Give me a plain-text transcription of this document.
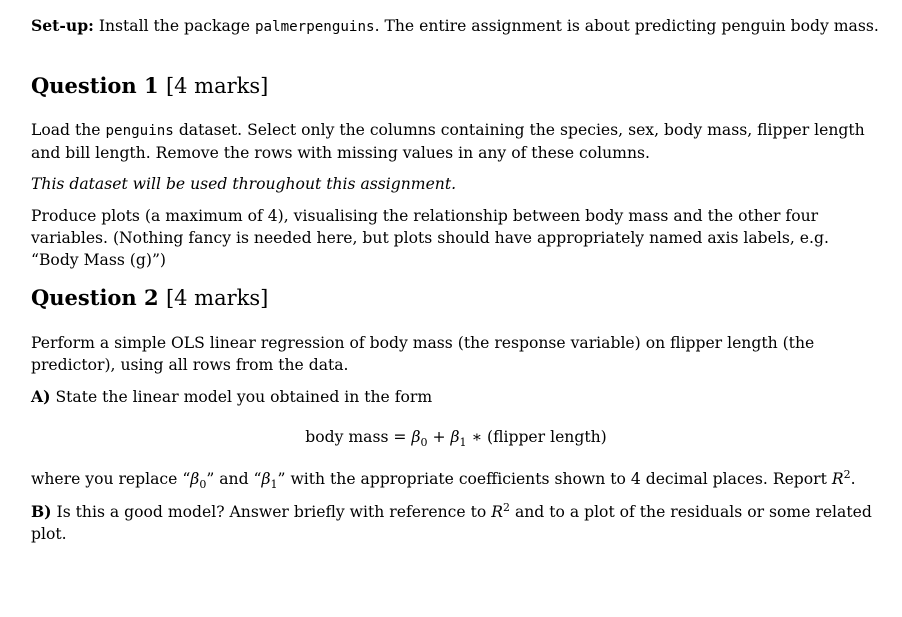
Set-up: Install the package palmerpenguins. The entire assignment is about predicting penguin body mass.

Question 1 [4 marks]

Load the penguins dataset. Select only the columns containing the species, sex, body mass, flipper length and bill length. Remove the rows with missing values in any of these columns.

This dataset will be used throughout this assignment.

Produce plots (a maximum of 4), visualising the relationship between body mass and the other four variables. (Nothing fancy is needed here, but plots should have appropriately named axis labels, e.g. “Body Mass (g)”)

Question 2 [4 marks]

Perform a simple OLS linear regression of body mass (the response variable) on flipper length (the predictor), using all rows from the data.

A) State the linear model you obtained in the form

body mass = $\beta_0 + \beta_1$ ∗ (flipper length)

where you replace “$\beta_0$” and “$\beta_1$” with the appropriate coefficients shown to 4 decimal places. Report $R^2$.

B) Is this a good model? Answer briefly with reference to $R^2$ and to a plot of the residuals or some related plot.
